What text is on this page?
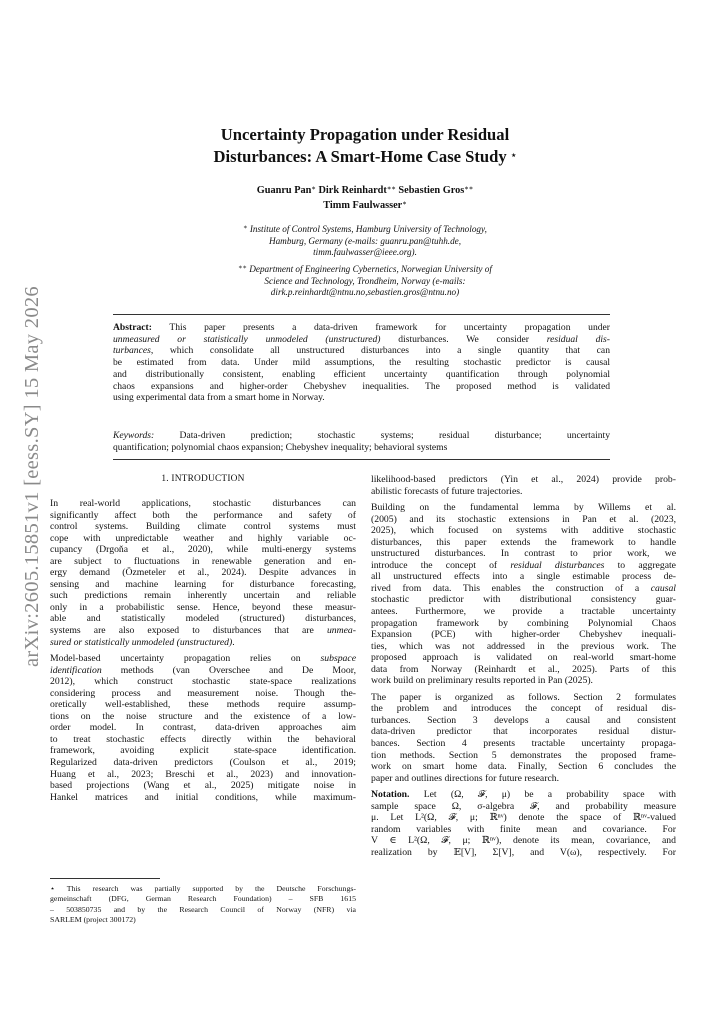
arXiv:2605.15851v1 [eess.SY] 15 May 2026
Uncertainty Propagation under Residual
Disturbances: A Smart-Home Case Study ⋆
Guanru Pan∗ Dirk Reinhardt∗∗ Sebastien Gros∗∗
Timm Faulwasser∗
∗ Institute of Control Systems, Hamburg University of Technology,
Hamburg, Germany (e-mails: guanru.pan@tuhh.de,
timm.faulwasser@ieee.org).
∗∗ Department of Engineering Cybernetics, Norwegian University of
Science and Technology, Trondheim, Norway (e-mails:
dirk.p.reinhardt@ntnu.no,sebastien.gros@ntnu.no)
Abstract: This paper presents a data-driven framework for uncertainty propagation under
unmeasured or statistically unmodeled (unstructured) disturbances. We consider residual dis-
turbances, which consolidate all unstructured disturbances into a single quantity that can
be estimated from data. Under mild assumptions, the resulting stochastic predictor is causal
and distributionally consistent, enabling efficient uncertainty quantification through polynomial
chaos expansions and higher-order Chebyshev inequalities. The proposed method is validated
using experimental data from a smart home in Norway.
Keywords: Data-driven prediction; stochastic systems; residual disturbance; uncertainty
quantification; polynomial chaos expansion; Chebyshev inequality; behavioral systems
1. INTRODUCTION
In real-world applications, stochastic disturbances can
significantly affect both the performance and safety of
control systems. Building climate control systems must
cope with unpredictable weather and highly variable oc-
cupancy (Drgoňa et al., 2020), while multi-energy systems
are subject to fluctuations in renewable generation and en-
ergy demand (Özmeteler et al., 2024). Despite advances in
sensing and machine learning for disturbance forecasting,
such predictions remain inherently uncertain and reliable
only in a probabilistic sense. Hence, beyond these measur-
able and statistically modeled (structured) disturbances,
systems are also exposed to disturbances that are unmea-
sured or statistically unmodeled (unstructured).
Model-based uncertainty propagation relies on subspace
identification methods (van Overschee and De Moor,
2012), which construct stochastic state-space realizations
considering process and measurement noise. Though the-
oretically well-established, these methods require assump-
tions on the noise structure and the existence of a low-
order model. In contrast, data-driven approaches aim
to treat stochastic effects directly within the behavioral
framework, avoiding explicit state-space identification.
Regularized data-driven predictors (Coulson et al., 2019;
Huang et al., 2023; Breschi et al., 2023) and innovation-
based projections (Wang et al., 2025) mitigate noise in
Hankel matrices and initial conditions, while maximum-
⋆ This research was partially supported by the Deutsche Forschungs-
gemeinschaft (DFG, German Research Foundation) – SFB 1615
– 503850735 and by the Research Council of Norway (NFR) via
SARLEM (project 300172)
likelihood-based predictors (Yin et al., 2024) provide prob-
abilistic forecasts of future trajectories.
Building on the fundamental lemma by Willems et al.
(2005) and its stochastic extensions in Pan et al. (2023,
2025), which focused on systems with additive stochastic
disturbances, this paper extends the framework to handle
unstructured disturbances. In contrast to prior work, we
introduce the concept of residual disturbances to aggregate
all unstructured effects into a single estimable process de-
rived from data. This enables the construction of a causal
stochastic predictor with distributional consistency guar-
antees. Furthermore, we provide a tractable uncertainty
propagation framework by combining Polynomial Chaos
Expansion (PCE) with higher-order Chebyshev inequali-
ties, which was not addressed in the previous work. The
proposed approach is validated on real-world smart-home
data from Norway (Reinhardt et al., 2025). Parts of this
work build on preliminary results reported in Pan (2025).
The paper is organized as follows. Section 2 formulates
the problem and introduces the concept of residual dis-
turbances. Section 3 develops a causal and consistent
data-driven predictor that incorporates residual distur-
bances. Section 4 presents tractable uncertainty propaga-
tion methods. Section 5 demonstrates the proposed frame-
work on smart home data. Finally, Section 6 concludes the
paper and outlines directions for future research.
Notation. Let (Ω, 𝓕, μ) be a probability space with
sample space Ω, σ-algebra 𝓕, and probability measure
μ. Let L²(Ω, 𝓕, μ; ℝⁿᵛ) denote the space of ℝⁿᵛ-valued
random variables with finite mean and covariance. For
V ∈ L²(Ω, 𝓕, μ; ℝⁿᵛ), denote its mean, covariance, and
realization by 𝔼[V], Σ[V], and V(ω), respectively. For
